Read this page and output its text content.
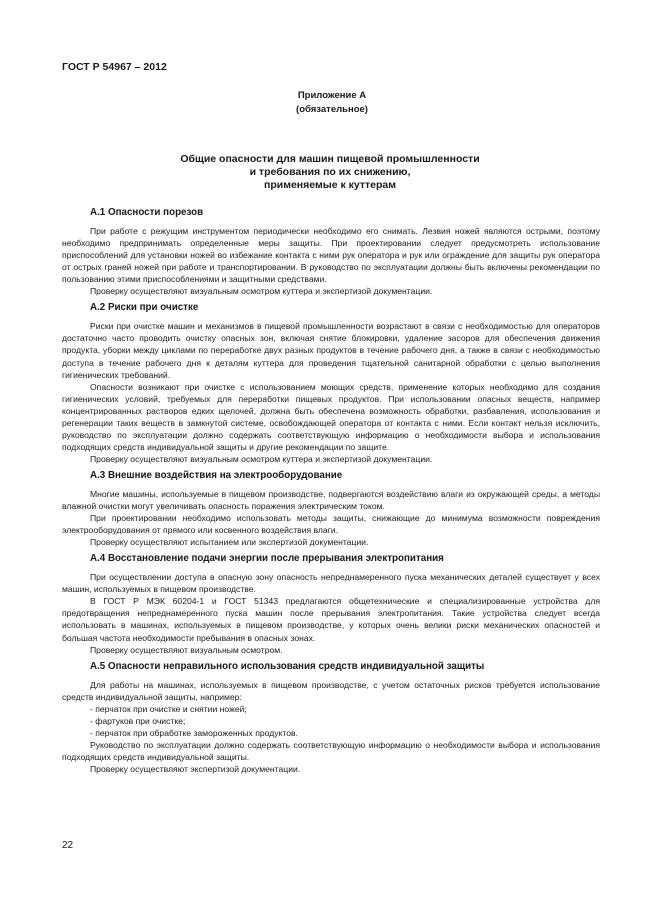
ГОСТ Р 54967 – 2012
Приложение А
(обязательное)
Общие опасности для машин пищевой промышленности
и требования по их снижению,
применяемые к куттерам
А.1 Опасности порезов

При работе с режущим инструментом периодически необходимо его снимать. Лезвия ножей являются острыми, поэтому необходимо предпринимать определенные меры защиты. При проектировании следует предусмотреть использование приспособлений для установки ножей во избежание контакта с ними рук оператора и рук или ограждение для защиты рук оператора от острых граней ножей при работе и транспортировании. В руководство по эксплуатации должны быть включены рекомендации по пользованию этими приспособлениями и защитными средствами.

Проверку осуществляют визуальным осмотром куттера и экспертизой документации.

А.2 Риски при очистке

Риски при очистке машин и механизмов в пищевой промышленности возрастают в связи с необходимостью для операторов достаточно часто проводить очистку опасных зон, включая снятие блокировки, удаление засоров для обеспечения движения продукта, уборки между циклами по переработке двух разных продуктов в течение рабочего дня, а также в связи с необходимостью доступа в течение рабочего дня к деталям куттера для проведения тщательной санитарной обработки с целью выполнения гигиенических требований.

Опасности возникают при очистке с использованием моющих средств, применение которых необходимо для создания гигиенических условий, требуемых для переработки пищевых продуктов. При использовании опасных веществ, например концентрированных растворов едких щелочей, должна быть обеспечена возможность обработки, разбавления, использования и регенерации таких веществ в замкнутой системе, освобождающей оператора от контакта с ними. Если контакт нельзя исключить, руководство по эксплуатации должно содержать соответствующую информацию о необходимости выбора и использования подходящих средств индивидуальной защиты и другие рекомендации по защите.

Проверку осуществляют визуальным осмотром куттера и экспертизой документации.

А.3 Внешние воздействия на электрооборудование

Многие машины, используемые в пищевом производстве, подвергаются воздействию влаги из окружающей среды, а методы влажной очистки могут увеличивать опасность поражения электрическим током.

При проектировании необходимо использовать методы защиты, снижающие до минимума возможности повреждения электрооборудования от прямого или косвенного воздействия влаги.

Проверку осуществляют испытанием или экспертизой документации.

А.4 Восстановление подачи энергии после прерывания электропитания

При осуществлении доступа в опасную зону опасность непреднамеренного пуска механических деталей существует у всех машин, используемых в пищевом производстве.

В ГОСТ Р МЭК 60204-1 и ГОСТ 51343 предлагаются общетехнические и специализированные устройства для предотвращения непреднамеренного пуска машин после прерывания электропитания. Такие устройства следует всегда использовать в машинах, используемых в пищевом производстве, у которых очень велики риски механических опасностей и большая частота необходимости пребывания в опасных зонах.

Проверку осуществляют визуальным осмотром.

А.5 Опасности неправильного использования средств индивидуальной защиты

Для работы на машинах, используемых в пищевом производстве, с учетом остаточных рисков требуется использование средств индивидуальной защиты, например:

- перчаток при очистке и снятии ножей;

- фартуков при очистке;

- перчаток при обработке замороженных продуктов.

Руководство по эксплуатации должно содержать соответствующую информацию о необходимости выбора и использования подходящих средств индивидуальной защиты.

Проверку осуществляют экспертизой документации.

22
